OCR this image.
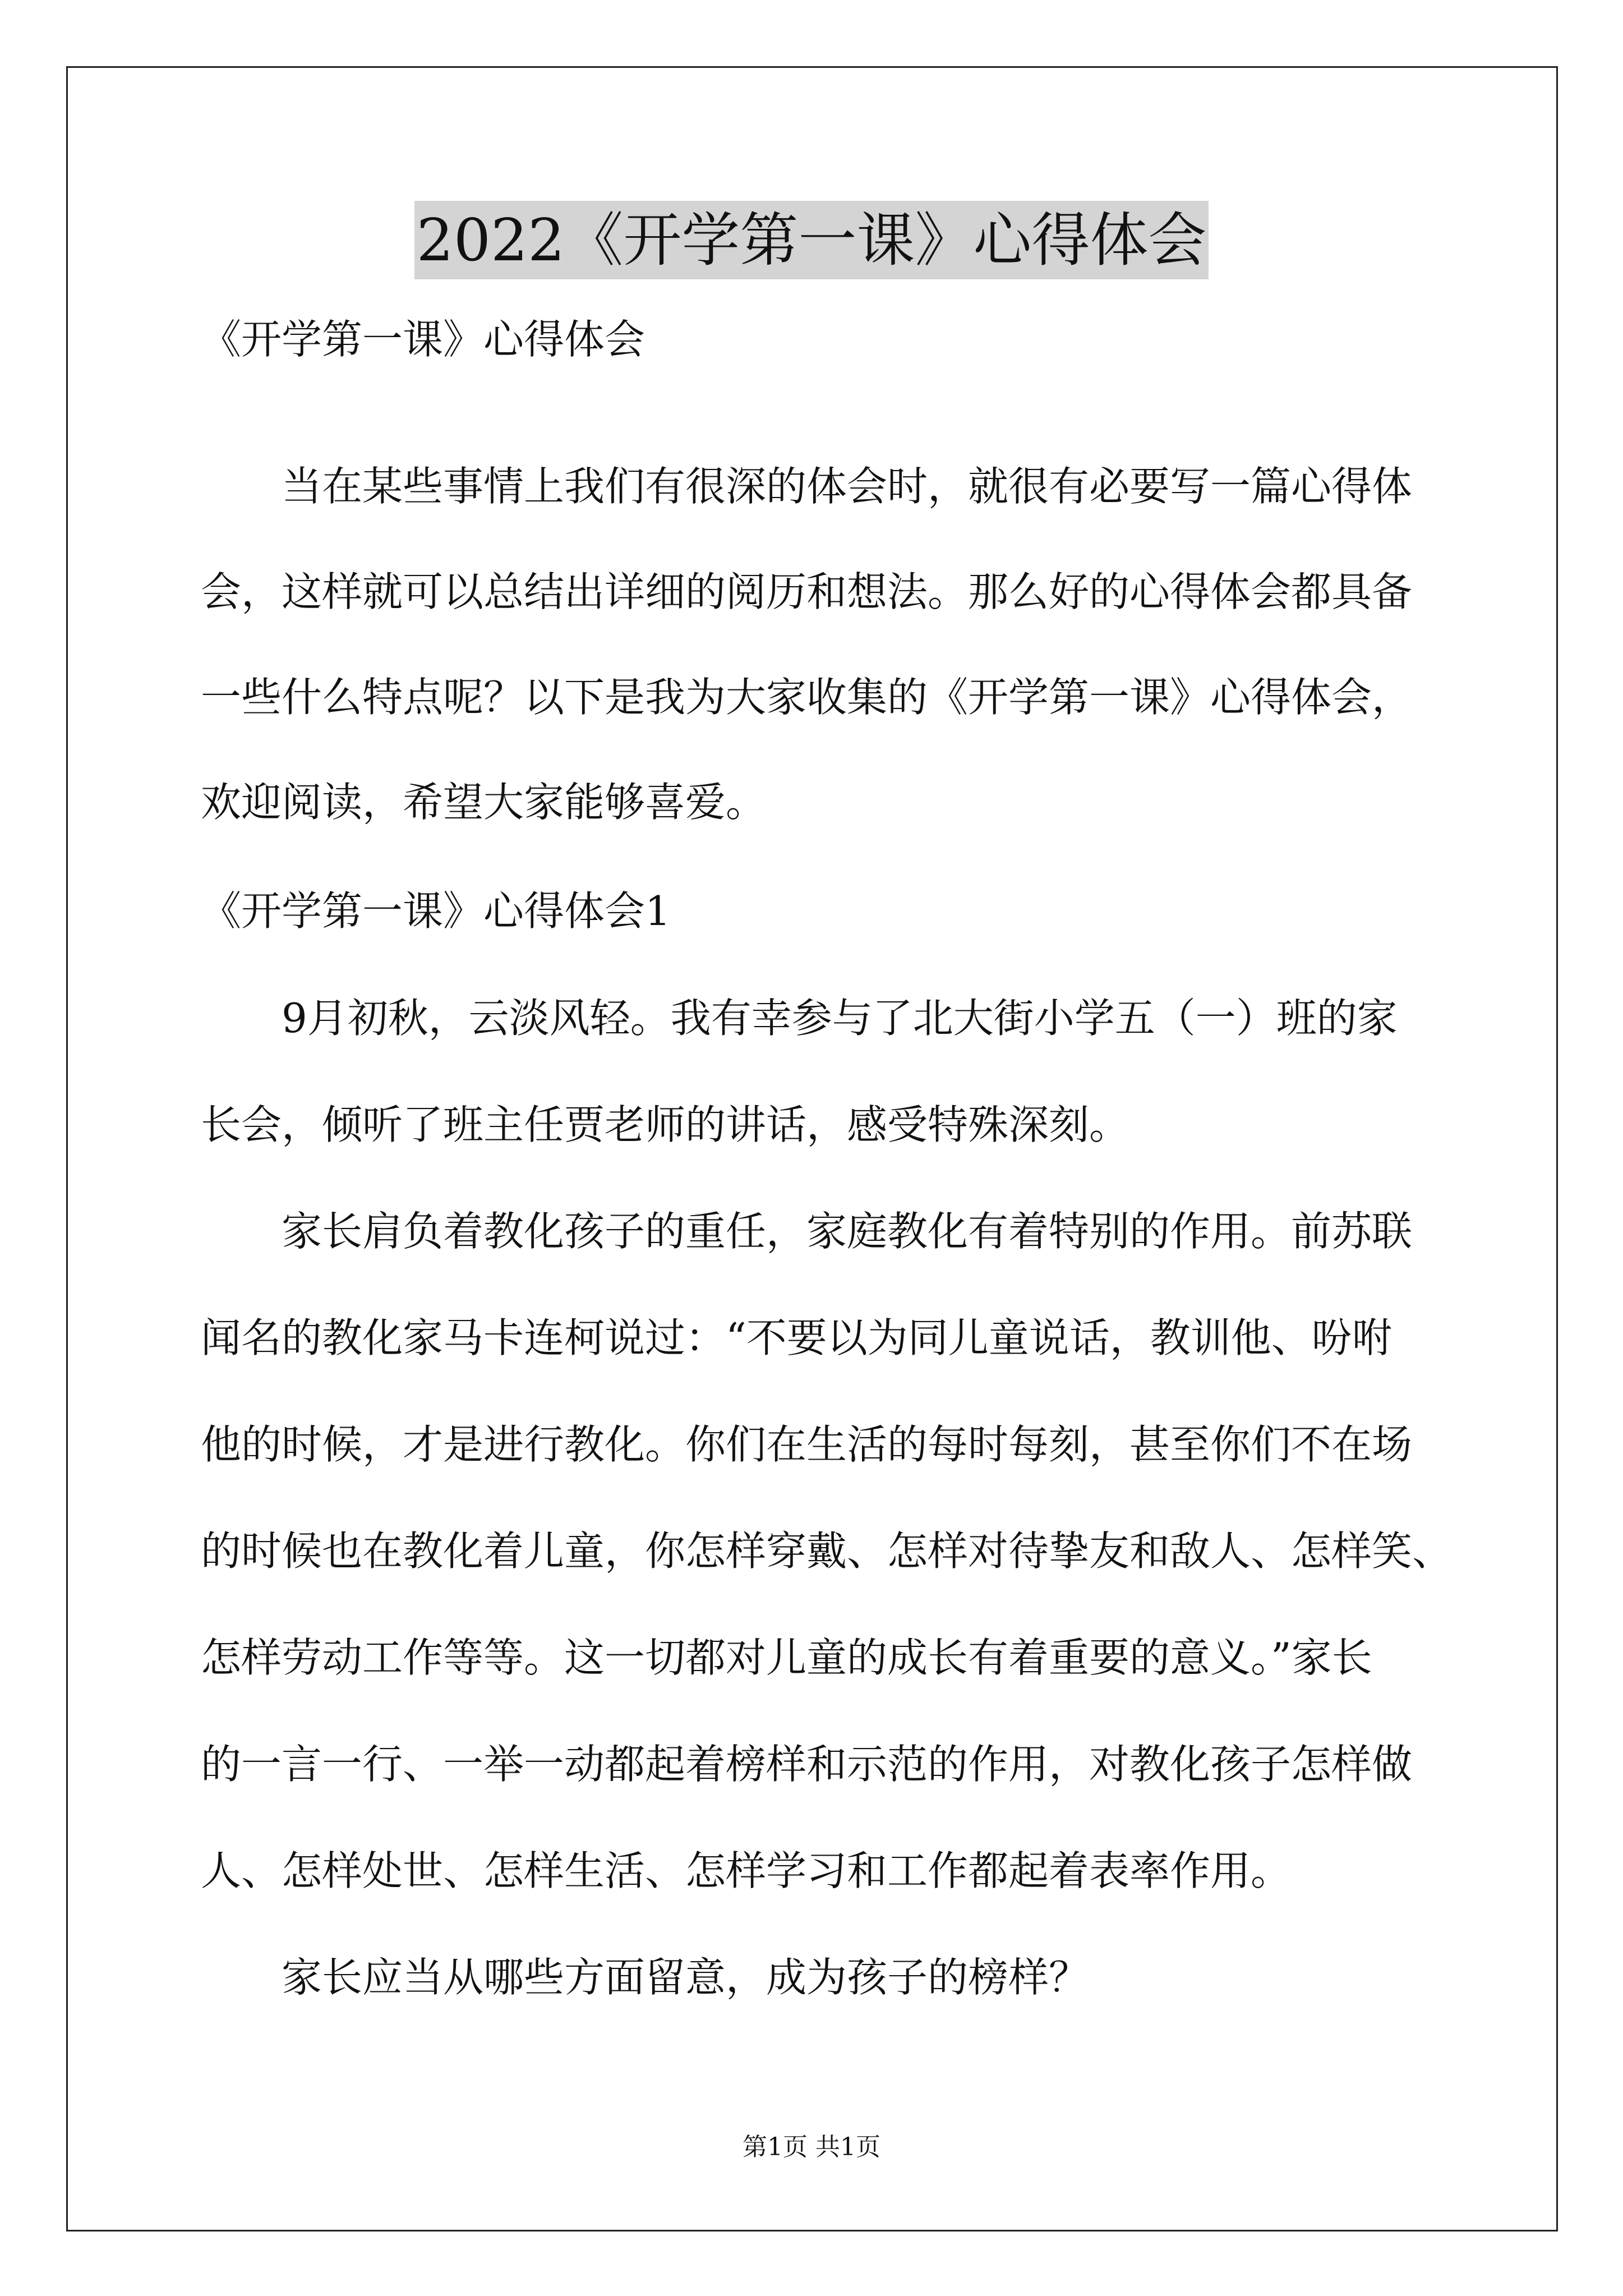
2022《开学第一课》心得体会
《开学第一课》心得体会
当在某些事情上我们有很深的体会时，就很有必要写一篇心得体
会，这样就可以总结出详细的阅历和想法。那么好的心得体会都具备
一些什么特点呢？以下是我为大家收集的《开学第一课》心得体会，
欢迎阅读，希望大家能够喜爱。
《开学第一课》心得体会1
9月初秋，云淡风轻。我有幸参与了北大街小学五（一）班的家
长会，倾听了班主任贾老师的讲话，感受特殊深刻。
家长肩负着教化孩子的重任，家庭教化有着特别的作用。前苏联
闻名的教化家马卡连柯说过：“不要以为同儿童说话，教训他、吩咐
他的时候，才是进行教化。你们在生活的每时每刻，甚至你们不在场
的时候也在教化着儿童，你怎样穿戴、怎样对待挚友和敌人、怎样笑、
怎样劳动工作等等。这一切都对儿童的成长有着重要的意义。”家长
的一言一行、一举一动都起着榜样和示范的作用，对教化孩子怎样做
人、怎样处世、怎样生活、怎样学习和工作都起着表率作用。
家长应当从哪些方面留意，成为孩子的榜样？
第1页 共1页
